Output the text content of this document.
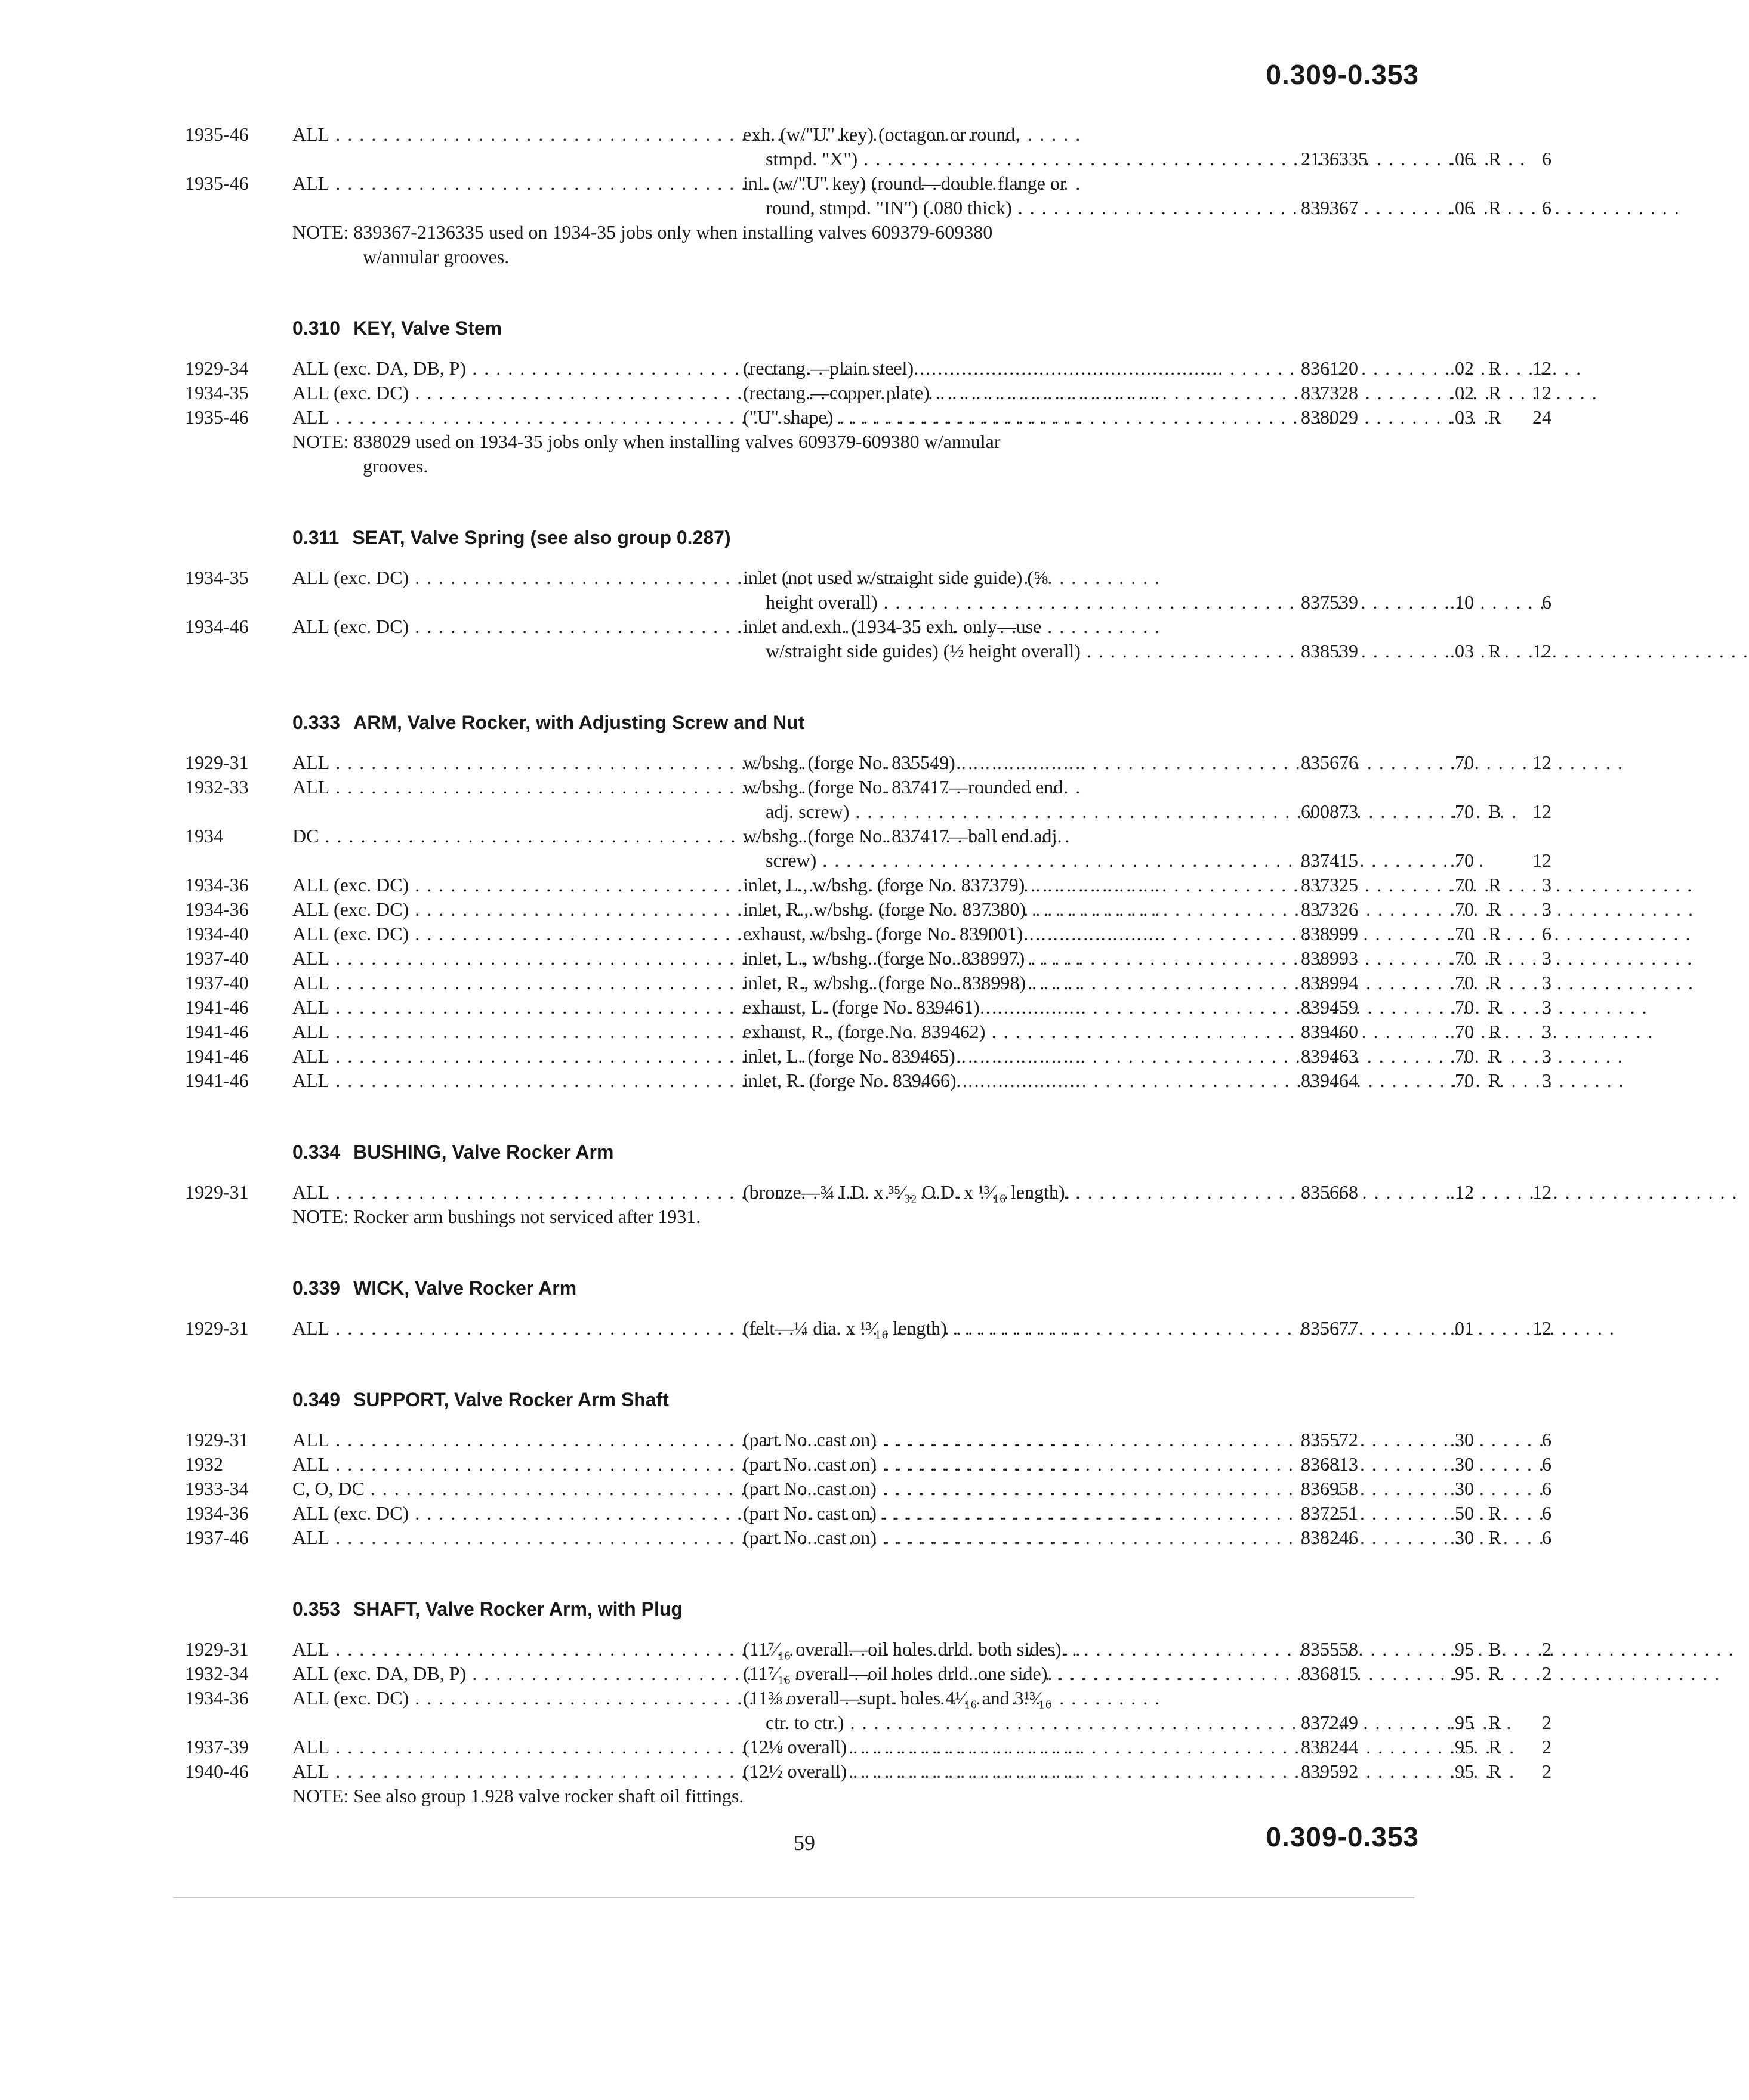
0.309-0.353
1935-46	ALL . . .	exh. (w/"U" key) (octagon or round,
stmpd. "X") . . .	2136335	.06 R	6
1935-46	ALL . . .	inl. (w/"U" key) (round—double flange or
round, stmpd. "IN") (.080 thick) . . .	839367	.06 R	6
NOTE: 839367-2136335 used on 1934-35 jobs only when installing valves 609379-609380
w/annular grooves.
0.310 KEY, Valve Stem
1929-34	ALL (exc. DA, DB, P) . . .	(rectang.—plain steel) . . .	836120	.02 R	12
1934-35	ALL (exc. DC) . . .	(rectang.—copper plate) . . .	837328	.02 R	12
1935-46	ALL . . .	("U" shape) . . .	838029	.03 R	24
NOTE: 838029 used on 1934-35 jobs only when installing valves 609379-609380 w/annular
grooves.
0.311 SEAT, Valve Spring (see also group 0.287)
1934-35	ALL (exc. DC) . . .	inlet (not used w/straight side guide) (⅝
height overall) . . .	837539	.10	6
1934-46	ALL (exc. DC) . . .	inlet and exh. (1934-35 exh. only—use
w/straight side guides) (½ height overall) . . .	838539	.03 R	12
0.333 ARM, Valve Rocker, with Adjusting Screw and Nut
1929-31	ALL . . .	w/bshg. (forge No. 835549) . . .	835676	.70	12
1932-33	ALL . . .	w/bshg. (forge No. 837417—rounded end
adj. screw) . . .	600873	.70 B	12
1934	DC . . .	w/bshg. (forge No. 837417—ball end adj.
screw) . . .	837415	.70	12
1934-36	ALL (exc. DC) . . .	inlet, L., w/bshg. (forge No. 837379) . . .	837325	.70 R	3
1934-36	ALL (exc. DC) . . .	inlet, R., w/bshg. (forge No. 837380) . . .	837326	.70 R	3
1934-40	ALL (exc. DC) . . .	exhaust, w/bshg. (forge No. 839001) . . .	838999	.70 R	6
1937-40	ALL . . .	inlet, L., w/bshg. (forge No. 838997) . . .	838993	.70 R	3
1937-40	ALL . . .	inlet, R., w/bshg. (forge No. 838998) . . .	838994	.70 R	3
1941-46	ALL . . .	exhaust, L. (forge No. 839461) . . .	839459	.70 R	3
1941-46	ALL . . .	exhaust, R., (forge No. 839462) . . .	839460	.70 R	3
1941-46	ALL . . .	inlet, L. (forge No. 839465) . . .	839463	.70 R	3
1941-46	ALL . . .	inlet, R. (forge No. 839466) . . .	839464	.70 R	3
0.334 BUSHING, Valve Rocker Arm
1929-31	ALL . . .	(bronze—¾ I.D. x ³⁵⁄₃₂ O.D. x ¹³⁄₁₆ length). . . .	835668	.12	12
NOTE: Rocker arm bushings not serviced after 1931.
0.339 WICK, Valve Rocker Arm
1929-31	ALL . . .	(felt—¼ dia. x ¹³⁄₁₆ length) . . .	835677	.01	12
0.349 SUPPORT, Valve Rocker Arm Shaft
1929-31	ALL . . .	(part No. cast on) . . .	835572	.30	6
1932	ALL . . .	(part No. cast on) . . .	836813	.30	6
1933-34	C, O, DC . . .	(part No. cast on) . . .	836958	.30	6
1934-36	ALL (exc. DC) . . .	(part No. cast on) . . .	837251	.50 R	6
1937-46	ALL . . .	(part No. cast on) . . .	838246	.30 R	6
0.353 SHAFT, Valve Rocker Arm, with Plug
1929-31	ALL . . .	(11⁷⁄₁₆ overall—oil holes drld. both sides). . . .	835558	.95 B	2
1932-34	ALL (exc. DA, DB, P) . . .	(11⁷⁄₁₆ overall—oil holes drld. one side). . . .	836815	.95 R	2
1934-36	ALL (exc. DC) . . .	(11⅜ overall—supt. holes 4¹⁄₁₆ and 3¹³⁄₁₆
ctr. to ctr.) . . .	837249	.95 R	2
1937-39	ALL . . .	(12⅛ overall) . . .	838244	.95 R	2
1940-46	ALL . . .	(12½ overall) . . .	839592	.95 R	2
NOTE: See also group 1.928 valve rocker shaft oil fittings.
59	0.309-0.353
